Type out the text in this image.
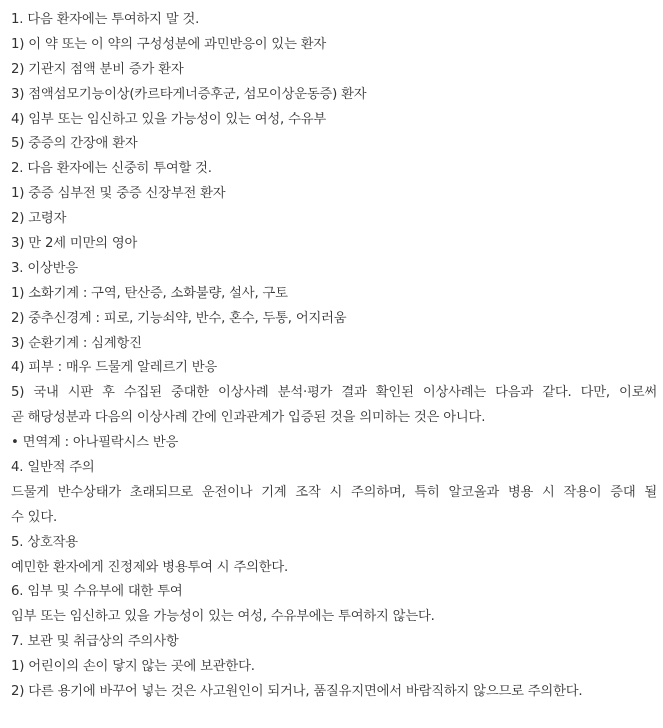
1. 다음 환자에는 투여하지 말 것.
1) 이 약 또는 이 약의 구성성분에 과민반응이 있는 환자
2) 기관지 점액 분비 증가 환자
3) 점액섬모기능이상(카르타게너증후군, 섬모이상운동증) 환자
4) 임부 또는 임신하고 있을 가능성이 있는 여성, 수유부
5) 중증의 간장애 환자
2. 다음 환자에는 신중히 투여할 것.
1) 중증 심부전 및 중증 신장부전 환자
2) 고령자
3) 만 2세 미만의 영아
3. 이상반응
1) 소화기계 : 구역, 탄산증, 소화불량, 설사, 구토
2) 중추신경계 : 피로, 기능쇠약, 반수, 혼수, 두통, 어지러움
3) 순환기계 : 심계항진
4) 피부 : 매우 드물게 알레르기 반응
5) 국내 시판 후 수집된 중대한 이상사례 분석·평가 결과 확인된 이상사례는 다음과 같다. 다만, 이로써
곧 해당성분과 다음의 이상사례 간에 인과관계가 입증된 것을 의미하는 것은 아니다.
• 면역계 : 아나필락시스 반응
4. 일반적 주의
드물게 반수상태가 초래되므로 운전이나 기계 조작 시 주의하며, 특히 알코올과 병용 시 작용이 증대 될
수 있다.
5. 상호작용
예민한 환자에게 진정제와 병용투여 시 주의한다.
6. 임부 및 수유부에 대한 투여
임부 또는 임신하고 있을 가능성이 있는 여성, 수유부에는 투여하지 않는다.
7. 보관 및 취급상의 주의사항
1) 어린이의 손이 닿지 않는 곳에 보관한다.
2) 다른 용기에 바꾸어 넣는 것은 사고원인이 되거나, 품질유지면에서 바람직하지 않으므로 주의한다.
